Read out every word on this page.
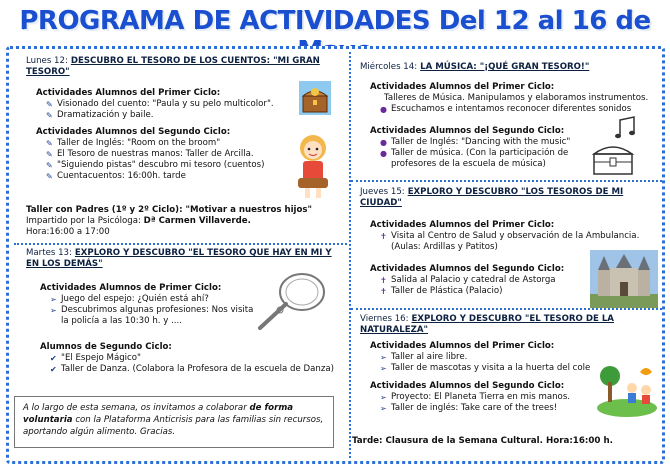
PROGRAMA DE ACTIVIDADES Del 12 al 16 de
Lunes 12: DESCUBRO EL TESORO DE LOS CUENTOS: "MI GRAN TESORO"
Actividades Alumnos del Primer Ciclo:
✎ Visionado del cuento: "Paula y su pelo multicolor".
✎ Dramatización y baile.
Actividades Alumnos del Segundo Ciclo:
✎ Taller de Inglés: "Room on the broom"
✎ El Tesoro de nuestras manos: Taller de Arcilla.
✎ "Siguiendo pistas" descubro mi tesoro (cuentos)
✎ Cuentacuentos: 16:00h. tarde
Taller con Padres (1º y 2º Ciclo): "Motivar a nuestros hijos"
Impartido por la Psicóloga: Dª Carmen Villaverde.
Hora:16:00 a 17:00
Martes 13: EXPLORO Y DESCUBRO "EL TESORO QUE HAY EN MI Y EN LOS DEMÁS"
Actividades Alumnos de Primer Ciclo:
➢ Juego del espejo: ¿Quién está ahí?
➢ Descubrimos algunas profesiones: Nos visita la policía a las 10:30 h. y ....
Alumnos de Segundo Ciclo:
✔ "El Espejo Mágico"
✔ Taller de Danza. (Colabora la Profesora de la escuela de Danza)
A lo largo de esta semana, os invitamos a colaborar de forma voluntaria con la Plataforma Anticrisis para las familias sin recursos, aportando algún alimento. Gracias.
Miércoles 14: LA MÚSICA: "¡QUÉ GRAN TESORO!"
Actividades Alumnos del Primer Ciclo:
Talleres de Música. Manipulamos y elaboramos instrumentos.
● Escuchamos e intentamos reconocer diferentes sonidos
Actividades Alumnos del Segundo Ciclo:
● Taller de Inglés: "Dancing with the music"
● Taller de música. (Con la participación de profesores de la escuela de música)
Jueves 15: EXPLORO Y DESCUBRO "LOS TESOROS DE MI CIUDAD"
Actividades Alumnos del Primer Ciclo:
✝ Visita al Centro de Salud y observación de la Ambulancia. (Aulas: Ardillas y Patitos)
Actividades Alumnos del Segundo Ciclo:
✝ Salida al Palacio y catedral de Astorga
✝ Taller de Plástica (Palacio)
Viernes 16: EXPLORO Y DESCUBRO "EL TESORO DE LA NATURALEZA"
Actividades Alumnos del Primer Ciclo:
➢ Taller al aire libre.
➢ Taller de mascotas y visita a la huerta del cole
Actividades Alumnos del Segundo Ciclo:
➢ Proyecto: El Planeta Tierra en mis manos.
➢ Taller de inglés: Take care of the trees!
Tarde: Clausura de la Semana Cultural. Hora:16:00 h.
